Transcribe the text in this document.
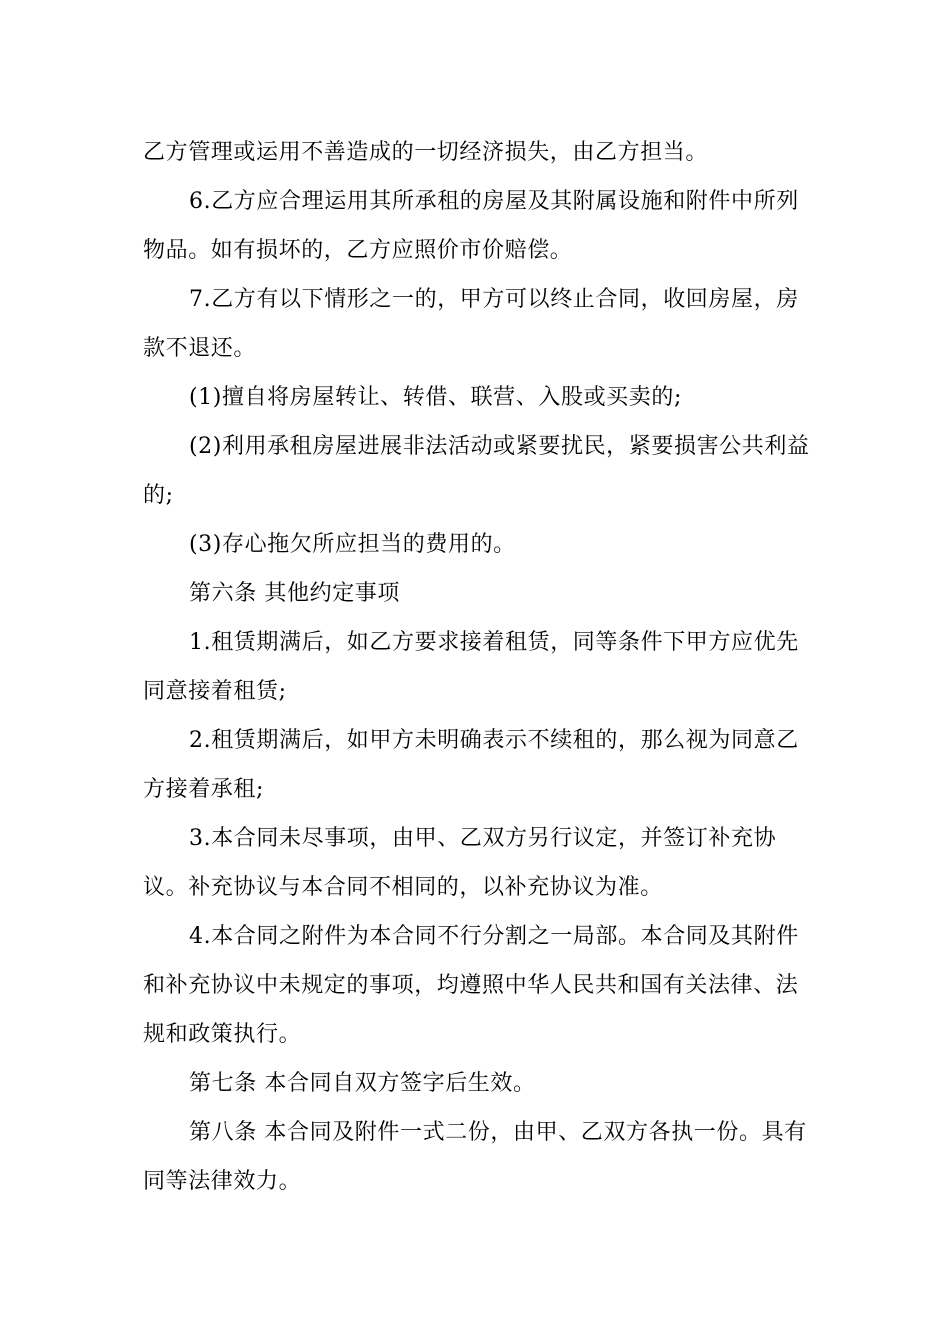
乙方管理或运用不善造成的一切经济损失，由乙方担当。

6.乙方应合理运用其所承租的房屋及其附属设施和附件中所列物品。如有损坏的，乙方应照价市价赔偿。

7.乙方有以下情形之一的，甲方可以终止合同，收回房屋，房款不退还。

(1)擅自将房屋转让、转借、联营、入股或买卖的;

(2)利用承租房屋进展非法活动或紧要扰民，紧要损害公共利益的;

(3)存心拖欠所应担当的费用的。

第六条 其他约定事项

1.租赁期满后，如乙方要求接着租赁，同等条件下甲方应优先同意接着租赁;

2.租赁期满后，如甲方未明确表示不续租的，那么视为同意乙方接着承租;

3.本合同未尽事项，由甲、乙双方另行议定，并签订补充协议。补充协议与本合同不相同的，以补充协议为准。

4.本合同之附件为本合同不行分割之一局部。本合同及其附件和补充协议中未规定的事项，均遵照中华人民共和国有关法律、法规和政策执行。

第七条 本合同自双方签字后生效。

第八条 本合同及附件一式二份，由甲、乙双方各执一份。具有同等法律效力。
